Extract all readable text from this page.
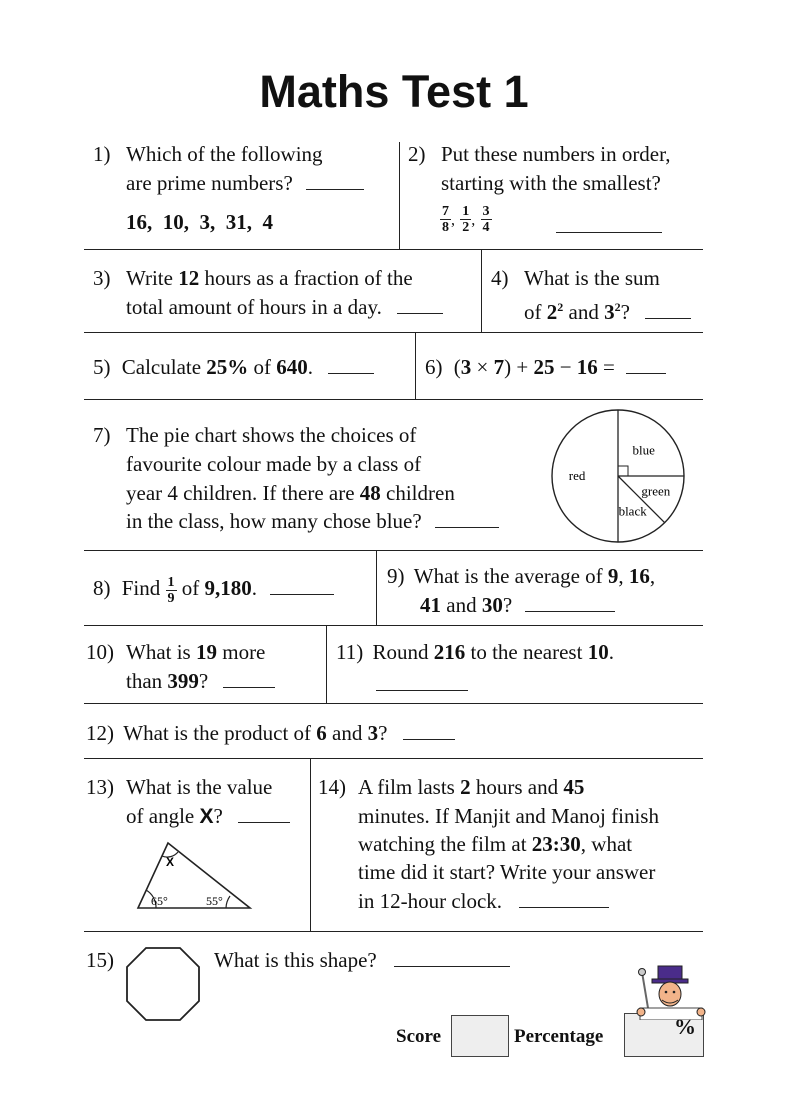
Maths Test 1
1) Which of the following
are prime numbers?
16,  10,  3,  31,  4
2) Put these numbers in order,
starting with the smallest?
$\frac{7}{8}$ , $\frac{1}{2}$ , $\frac{3}{4}$
3) Write 12 hours as a fraction of the
total amount of hours in a day.
4) What is the sum
of $2^2$ and $3^2$?
5) Calculate 25% of 640.	6) (3 × 7) + 25 − 16 =
7) The pie chart shows the choices of
favourite colour made by a class of
year 4 children. If there are 48 children
in the class, how many chose blue?
red
blue
green
black
8) Find $\frac{1}{9}$ of 9,180.	9) What is the average of 9, 16,
41 and 30?
10) What is 19 more
than 399?
11) Round 216 to the nearest 10.
12) What is the product of 6 and 3?
13) What is the value
of angle X?
X
65°	55°
14) A film lasts 2 hours and 45
minutes. If Manjit and Manoj finish
watching the film at 23:30, what
time did it start? Write your answer
in 12-hour clock.
15)	What is this shape?
Score	Percentage	%
